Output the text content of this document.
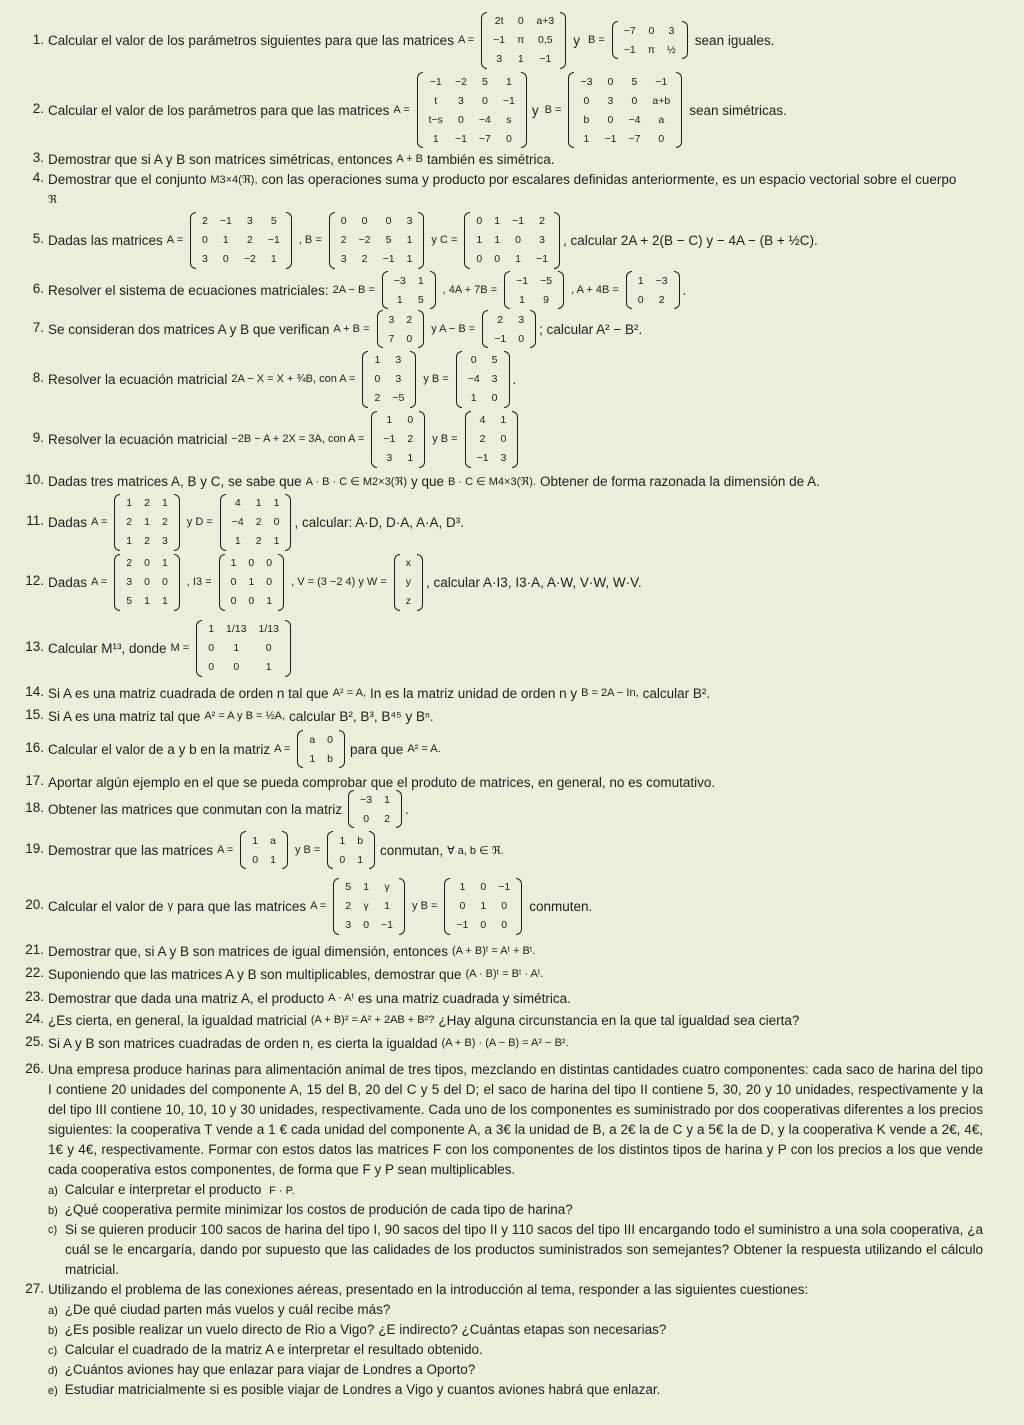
1. Calcular el valor de los parámetros siguientes para que las matrices A =
2t	0	a+3
−1	π	0,5
3	1	−1
y B =
−7	0	3
−1	π	½
sean iguales.
2. Calcular el valor de los parámetros para que las matrices A =
−1	−2	5	1
t	3	0	−1
t−s	0	−4	s
1	−1	−7	0
y B =
−3	0	5	−1
0	3	0	a+b
b	0	−4	a
1	−1	−7	0
sean simétricas.
3. Demostrar que si A y B son matrices simétricas, entonces A + B también es simétrica.
4. Demostrar que el conjunto M3×4(ℜ), con las operaciones suma y producto por escalares definidas anteriormente, es un espacio vectorial sobre el cuerpo
ℜ
5. Dadas las matrices A =
2	−1	3	5
0	1	2	−1
3	0	−2	1
, B =
0	0	0	3
2	−2	5	1
3	2	−1	1
y C =
0	1	−1	2
1	1	0	3
0	0	1	−1
, calcular 2A + 2(B − C) y − 4A − (B + ½C).
6. Resolver el sistema de ecuaciones matriciales: 2A − B =
−3	1
1	5
, 4A + 7B =
−1	−5
1	9
, A + 4B =
1	−3
0	2
.
7. Se consideran dos matrices A y B que verifican A + B =
3	2
7	0
y A − B =
2	3
−1	0
; calcular A² − B².
8. Resolver la ecuación matricial 2A − X = X + ¾B, con A =
1	3
0	3
2	−5
y B =
0	5
−4	3
1	0
.
9. Resolver la ecuación matricial −2B − A + 2X = 3A, con A =
1	0
−1	2
3	1
y B =
4	1
2	0
−1	3
10. Dadas tres matrices A, B y C, se sabe que A · B · C ∈ M2×3(ℜ) y que B · C ∈ M4×3(ℜ). Obtener de forma razonada la dimensión de A.
11. Dadas A =
1	2	1
2	1	2
1	2	3
y D =
4	1	1
−4	2	0
1	2	1
, calcular: A·D, D·A, A·A, D³.
12. Dadas A =
2	0	1
3	0	0
5	1	1
, I3 =
1	0	0
0	1	0
0	0	1
, V = (3 −2 4) y W =
x
y
z
, calcular A·I3, I3·A, A·W, V·W, W·V.
13. Calcular M¹³, donde M =
1	1/13	1/13
0	1	0
0	0	1
14. Si A es una matriz cuadrada de orden n tal que A² = A, In es la matriz unidad de orden n y B = 2A − In, calcular B².
15. Si A es una matriz tal que A² = A y B = ½A, calcular B², B³, B⁴⁵ y Bⁿ.
16. Calcular el valor de a y b en la matriz A =
a	0
1	b
para que A² = A.
17. Aportar algún ejemplo en el que se pueda comprobar que el produto de matrices, en general, no es comutativo.
18. Obtener las matrices que conmutan con la matriz
−3	1
0	2
.
19. Demostrar que las matrices A =
1	a
0	1
y B =
1	b
0	1
conmutan, ∀ a, b ∈ ℜ.
20. Calcular el valor de γ para que las matrices A =
5	1	γ
2	γ	1
3	0	−1
y B =
1	0	−1
0	1	0
−1	0	0
conmuten.
21. Demostrar que, si A y B son matrices de igual dimensión, entonces (A + B)ᵗ = Aᵗ + Bᵗ.
22. Suponiendo que las matrices A y B son multiplicables, demostrar que (A · B)ᵗ = Bᵗ · Aᵗ.
23. Demostrar que dada una matriz A, el producto A · Aᵗ es una matriz cuadrada y simétrica.
24. ¿Es cierta, en general, la igualdad matricial (A + B)² = A² + 2AB + B²? ¿Hay alguna circunstancia en la que tal igualdad sea cierta?
25. Si A y B son matrices cuadradas de orden n, es cierta la igualdad (A + B) · (A − B) = A² − B².
26. Una empresa produce harinas para alimentación animal de tres tipos, mezclando en distintas cantidades cuatro componentes: cada saco de harina del tipo I contiene 20 unidades del componente A, 15 del B, 20 del C y 5 del D; el saco de harina del tipo II contiene 5, 30, 20 y 10 unidades, respectivamente y la del tipo III contiene 10, 10, 10 y 30 unidades, respectivamente. Cada uno de los componentes es suministrado por dos cooperativas diferentes a los precios siguientes: la cooperativa T vende a 1 € cada unidad del componente A, a 3€ la unidad de B, a 2€ la de C y a 5€ la de D, y la cooperativa K vende a 2€, 4€, 1€ y 4€, respectivamente. Formar con estos datos las matrices F con los componentes de los distintos tipos de harina y P con los precios a los que vende cada cooperativa estos componentes, de forma que F y P sean multiplicables.
a) Calcular e interpretar el producto F · P.
b) ¿Qué cooperativa permite minimizar los costos de produción de cada tipo de harina?
c) Si se quieren producir 100 sacos de harina del tipo I, 90 sacos del tipo II y 110 sacos del tipo III encargando todo el suministro a una sola cooperativa, ¿a cuál se le encargaría, dando por supuesto que las calidades de los productos suministrados son semejantes? Obtener la respuesta utilizando el cálculo matricial.
27. Utilizando el problema de las conexiones aéreas, presentado en la introducción al tema, responder a las siguientes cuestiones:
a) ¿De qué ciudad parten más vuelos y cuál recibe más?
b) ¿Es posible realizar un vuelo directo de Rio a Vigo? ¿E indirecto? ¿Cuántas etapas son necesarias?
c) Calcular el cuadrado de la matriz A e interpretar el resultado obtenido.
d) ¿Cuántos aviones hay que enlazar para viajar de Londres a Oporto?
e) Estudiar matricialmente si es posible viajar de Londres a Vigo y cuantos aviones habrá que enlazar.
